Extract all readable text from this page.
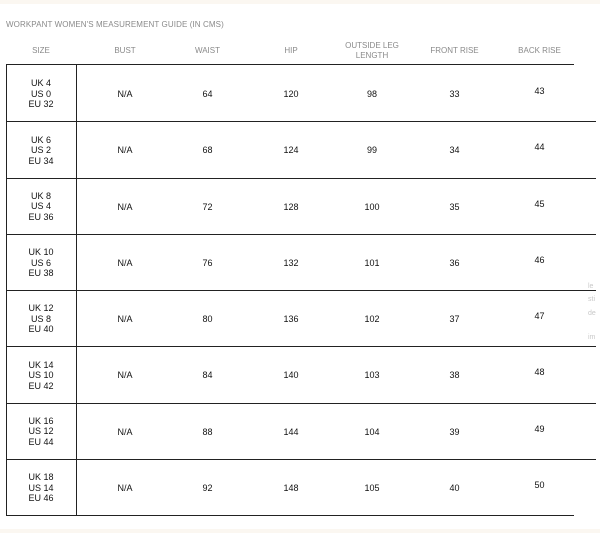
WORKPANT WOMEN'S MEASUREMENT GUIDE (IN CMS)
SIZE	BUST	WAIST	HIP
OUTSIDE LEG
LENGTH
FRONT RISE	BACK RISE
UK 4
US 0
EU 32
N/A	64	120	98	33	43
UK 6
US 2
EU 34
N/A	68	124	99	34	44
UK 8
US 4
EU 36
N/A	72	128	100	35	45
UK 10
US 6
EU 38
N/A	76	132	101	36	46
UK 12
US 8
EU 40
N/A	80	136	102	37	47
UK 14
US 10
EU 42
N/A	84	140	103	38	48
UK 16
US 12
EU 44
N/A	88	144	104	39	49
UK 18
US 14
EU 46
N/A	92	148	105	40	50
le
sti
de
im
